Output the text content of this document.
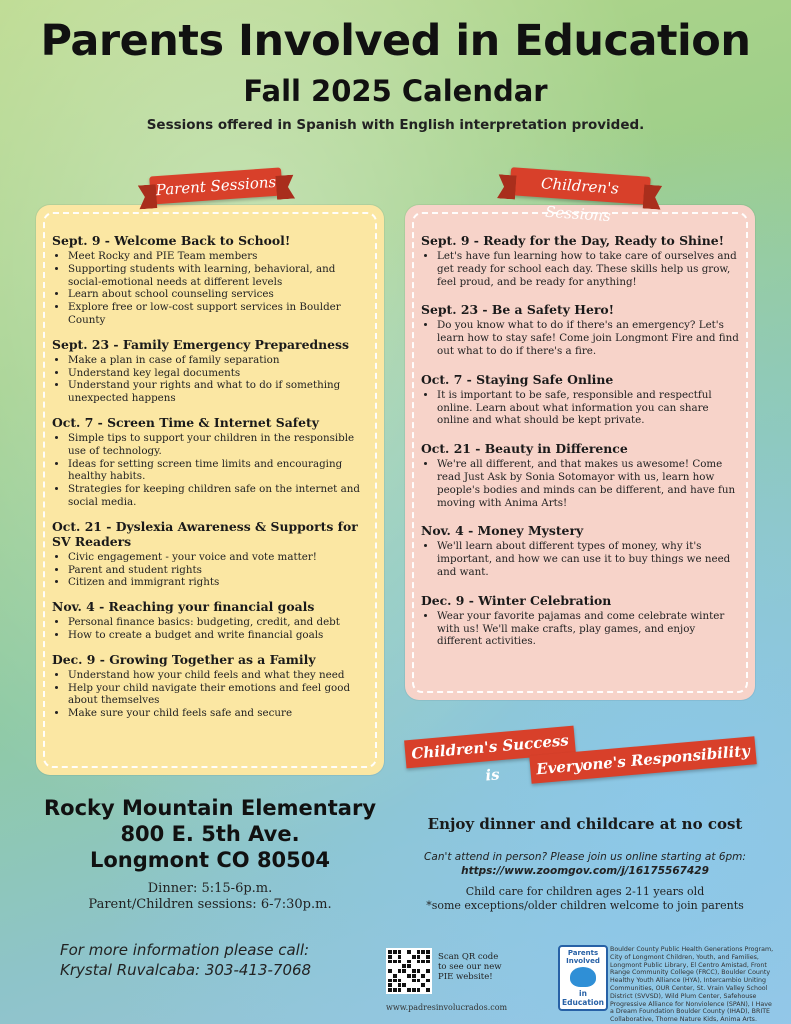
Parents Involved in Education
Fall 2025 Calendar
Sessions offered in Spanish with English interpretation provided.
Sept. 9 - Welcome Back to School!
• Meet Rocky and PIE Team members
• Supporting students with learning, behavioral, and social-emotional needs at different levels
• Learn about school counseling services
• Explore free or low-cost support services in Boulder County
Sept. 23 - Family Emergency Preparedness
• Make a plan in case of family separation
• Understand key legal documents
• Understand your rights and what to do if something unexpected happens
Oct. 7 - Screen Time & Internet Safety
• Simple tips to support your children in the responsible use of technology.
• Ideas for setting screen time limits and encouraging healthy habits.
• Strategies for keeping children safe on the internet and social media.
Oct. 21 - Dyslexia Awareness & Supports for SV Readers
• Civic engagement - your voice and vote matter!
• Parent and student rights
• Citizen and immigrant rights
Nov. 4 - Reaching your financial goals
• Personal finance basics: budgeting, credit, and debt
• How to create a budget and write financial goals
Dec. 9 - Growing Together as a Family
• Understand how your child feels and what they need
• Help your child navigate their emotions and feel good about themselves
• Make sure your child feels safe and secure
Parent Sessions
Sept. 9 - Ready for the Day, Ready to Shine!
• Let's have fun learning how to take care of ourselves and get ready for school each day. These skills help us grow, feel proud, and be ready for anything!
Sept. 23 - Be a Safety Hero!
• Do you know what to do if there's an emergency? Let's learn how to stay safe! Come join Longmont Fire and find out what to do if there's a fire.
Oct. 7 - Staying Safe Online
• It is important to be safe, responsible and respectful online. Learn about what information you can share online and what should be kept private.
Oct. 21 - Beauty in Difference
• We're all different, and that makes us awesome! Come read Just Ask by Sonia Sotomayor with us, learn how people's bodies and minds can be different, and have fun moving with Anima Arts!
Nov. 4 - Money Mystery
• We'll learn about different types of money, why it's important, and how we can use it to buy things we need and want.
Dec. 9 - Winter Celebration
• Wear your favorite pajamas and come celebrate winter with us! We'll make crafts, play games, and enjoy different activities.
Children's Sessions
Children's Success is	Everyone's Responsibility
Rocky Mountain Elementary
800 E. 5th Ave.
Longmont CO 80504
Dinner: 5:15-6p.m.
Parent/Children sessions: 6-7:30p.m.
For more information please call:
Krystal Ruvalcaba: 303-413-7068
Enjoy dinner and childcare at no cost
Can't attend in person? Please join us online starting at 6pm:
https://www.zoomgov.com/j/16175567429
Child care for children ages 2-11 years old
*some exceptions/older children welcome to join parents
Scan QR code to see our new PIE website!
www.padresinvolucrados.com
Parents Involved
in Education
Boulder County Public Health Generations Program, City of Longmont Children, Youth, and Families, Longmont Public Library, El Centro Amistad, Front Range Community College (FRCC), Boulder County Healthy Youth Alliance (HYA), Intercambio Uniting Communities, OUR Center, St. Vrain Valley School District (SVVSD), Wild Plum Center, Safehouse Progressive Alliance for Nonviolence (SPAN), I Have a Dream Foundation Boulder County (IHAD), BRITE Collaborative, Thorne Nature Kids, Anima Arts.
